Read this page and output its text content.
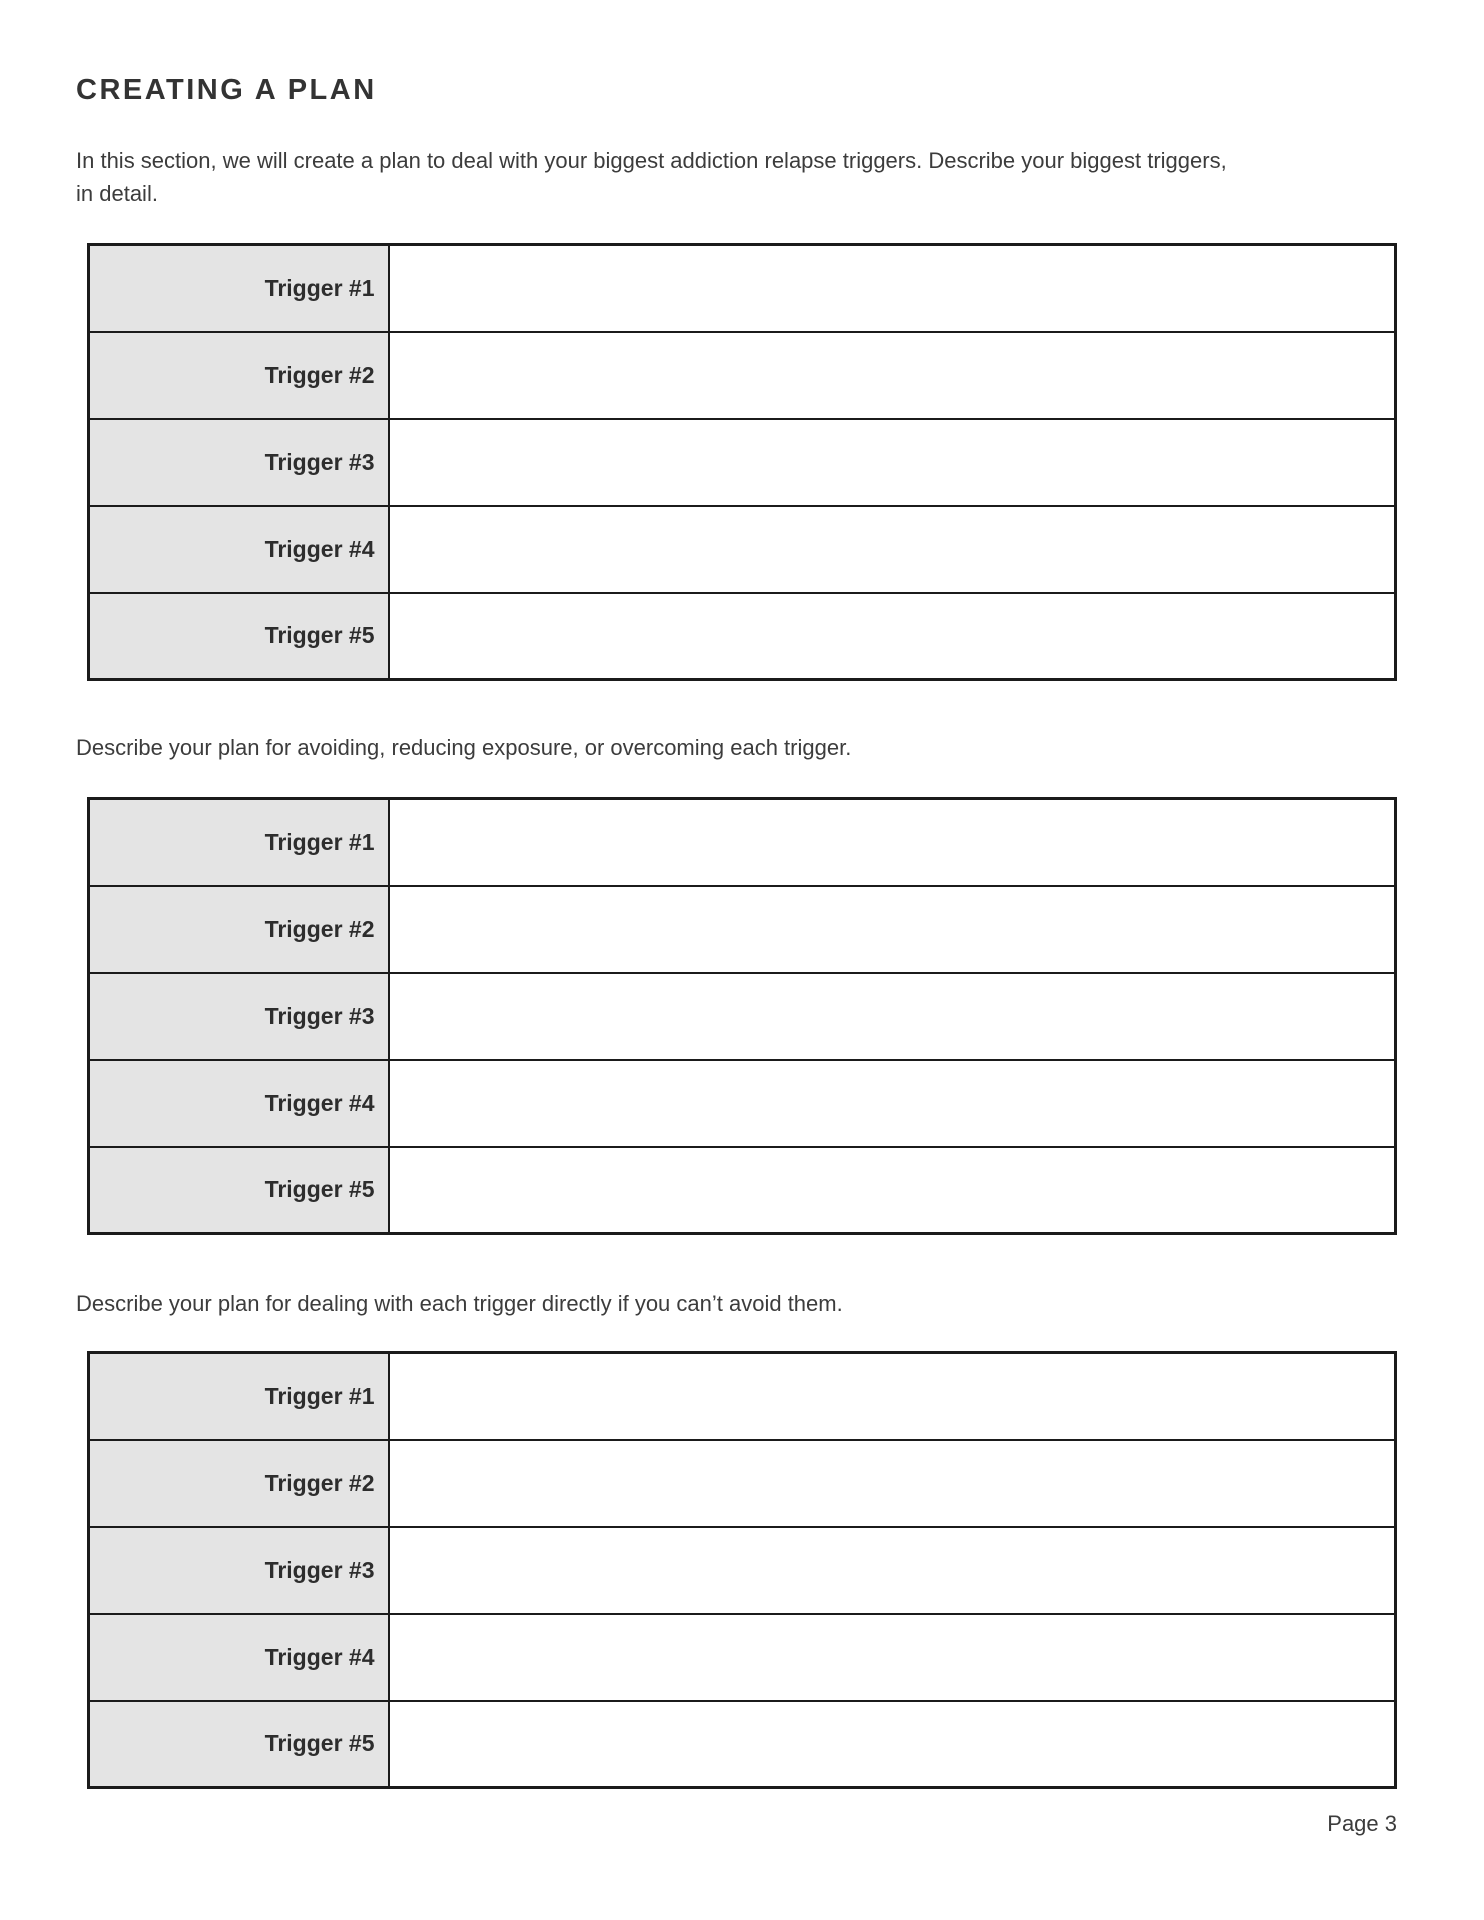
CREATING A PLAN
In this section, we will create a plan to deal with your biggest addiction relapse triggers. Describe your biggest triggers,
in detail.
Trigger #1	
Trigger #2	
Trigger #3	
Trigger #4	
Trigger #5	

Describe your plan for avoiding, reducing exposure, or overcoming each trigger.

Trigger #1	
Trigger #2	
Trigger #3	
Trigger #4	
Trigger #5	

Describe your plan for dealing with each trigger directly if you can’t avoid them.

Trigger #1	
Trigger #2	
Trigger #3	
Trigger #4	
Trigger #5	
Page 3
